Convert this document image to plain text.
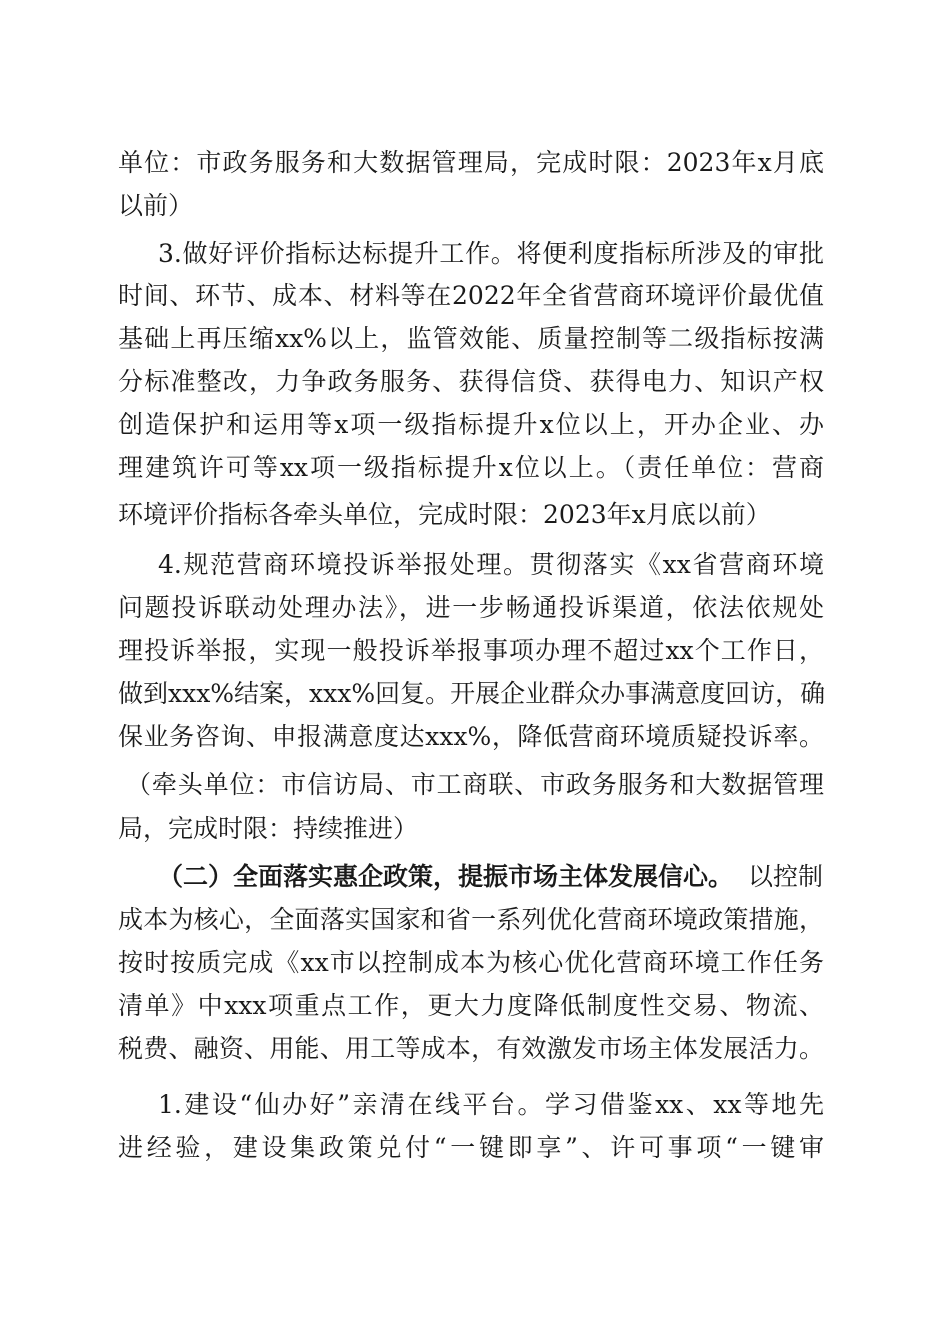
单位：市政务服务和大数据管理局，完成时限：2023年x月底
以前）
3.做好评价指标达标提升工作。将便利度指标所涉及的审批
时间、环节、成本、材料等在2022年全省营商环境评价最优值
基础上再压缩xx%以上，监管效能、质量控制等二级指标按满
分标准整改，力争政务服务、获得信贷、获得电力、知识产权
创造保护和运用等x项一级指标提升x位以上，开办企业、办
理建筑许可等xx项一级指标提升x位以上。（责任单位：营商
环境评价指标各牵头单位，完成时限：2023年x月底以前）
4.规范营商环境投诉举报处理。贯彻落实《xx省营商环境
问题投诉联动处理办法》，进一步畅通投诉渠道，依法依规处
理投诉举报，实现一般投诉举报事项办理不超过xx个工作日，
做到xxx%结案，xxx%回复。开展企业群众办事满意度回访，确
保业务咨询、申报满意度达xxx%，降低营商环境质疑投诉率。
（牵头单位：市信访局、市工商联、市政务服务和大数据管理
局，完成时限：持续推进）
（二）全面落实惠企政策，提振市场主体发展信心。 以控制
成本为核心，全面落实国家和省一系列优化营商环境政策措施，
按时按质完成《xx市以控制成本为核心优化营商环境工作任务
清单》中xxx项重点工作，更大力度降低制度性交易、物流、
税费、融资、用能、用工等成本，有效激发市场主体发展活力。
1.建设“仙办好”亲清在线平台。学习借鉴xx、xx等地先
进经验，建设集政策兑付“一键即享”、许可事项“一键审
